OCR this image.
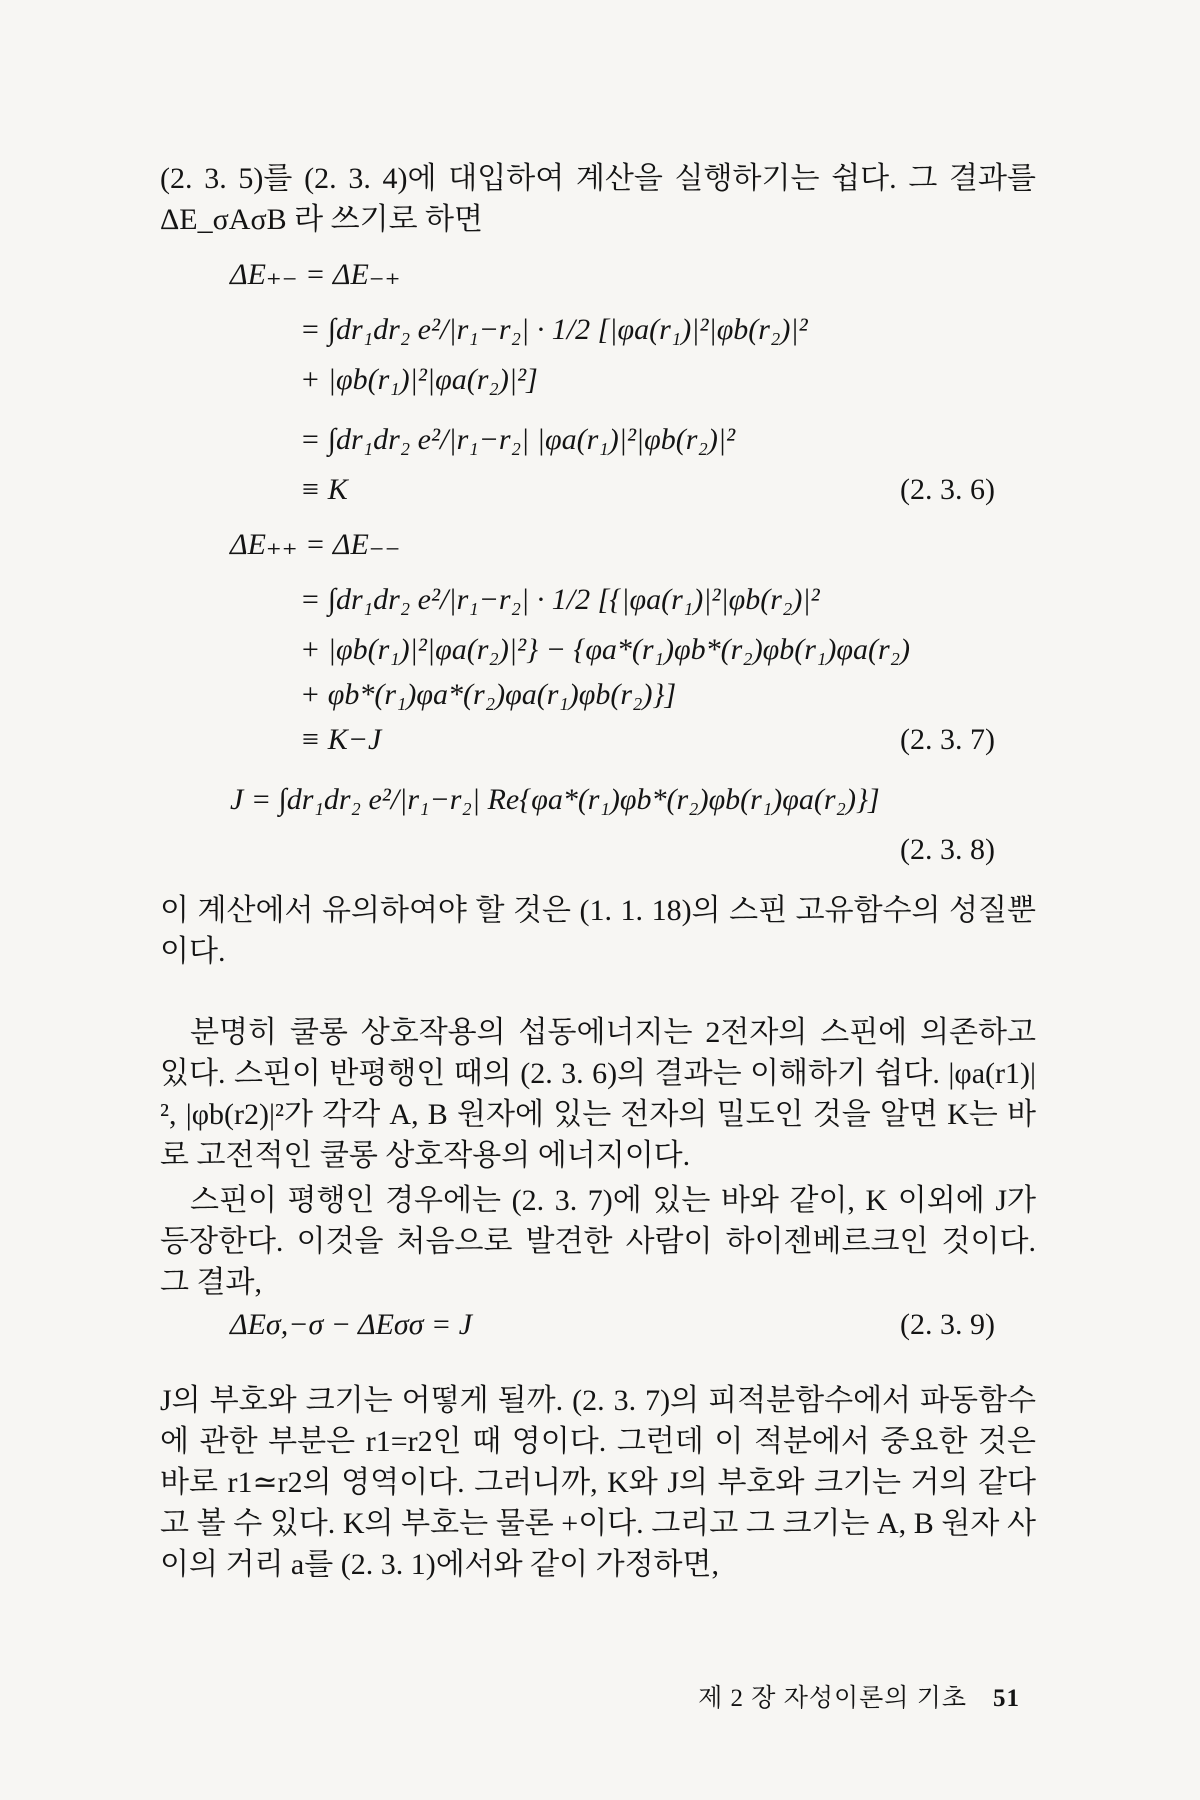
(2. 3. 5)를 (2. 3. 4)에 대입하여 계산을 실행하기는 쉽다. 그 결과를 ΔE_σAσB 라 쓰기로 하면

ΔE₊₋ = ΔE₋₊
= ∫dr₁dr₂ e²/|r₁−r₂| · 1/2 [|φa(r₁)|²|φb(r₂)|²
+ |φb(r₁)|²|φa(r₂)|²]
= ∫dr₁dr₂ e²/|r₁−r₂| |φa(r₁)|²|φb(r₂)|²
≡ K	(2. 3. 6)
ΔE₊₊ = ΔE₋₋
= ∫dr₁dr₂ e²/|r₁−r₂| · 1/2 [{|φa(r₁)|²|φb(r₂)|²
+ |φb(r₁)|²|φa(r₂)|²} − {φa*(r₁)φb*(r₂)φb(r₁)φa(r₂)
+ φb*(r₁)φa*(r₂)φa(r₁)φb(r₂)}]
≡ K−J	(2. 3. 7)
J = ∫dr₁dr₂ e²/|r₁−r₂| Re{φa*(r₁)φb*(r₂)φb(r₁)φa(r₂)}]
(2. 3. 8)

이 계산에서 유의하여야 할 것은 (1. 1. 18)의 스핀 고유함수의 성질뿐이다.

분명히 쿨롱 상호작용의 섭동에너지는 2전자의 스핀에 의존하고 있다. 스핀이 반평행인 때의 (2. 3. 6)의 결과는 이해하기 쉽다. |φa(r1)|², |φb(r2)|²가 각각 A, B 원자에 있는 전자의 밀도인 것을 알면 K는 바로 고전적인 쿨롱 상호작용의 에너지이다.

스핀이 평행인 경우에는 (2. 3. 7)에 있는 바와 같이, K 이외에 J가 등장한다. 이것을 처음으로 발견한 사람이 하이젠베르크인 것이다. 그 결과,

ΔEσ,−σ − ΔEσσ = J	(2. 3. 9)

J의 부호와 크기는 어떻게 될까. (2. 3. 7)의 피적분함수에서 파동함수에 관한 부분은 r1=r2인 때 영이다. 그런데 이 적분에서 중요한 것은 바로 r1≃r2의 영역이다. 그러니까, K와 J의 부호와 크기는 거의 같다고 볼 수 있다. K의 부호는 물론 +이다. 그리고 그 크기는 A, B 원자 사이의 거리 a를 (2. 3. 1)에서와 같이 가정하면,

제 2 장 자성이론의 기초 51
